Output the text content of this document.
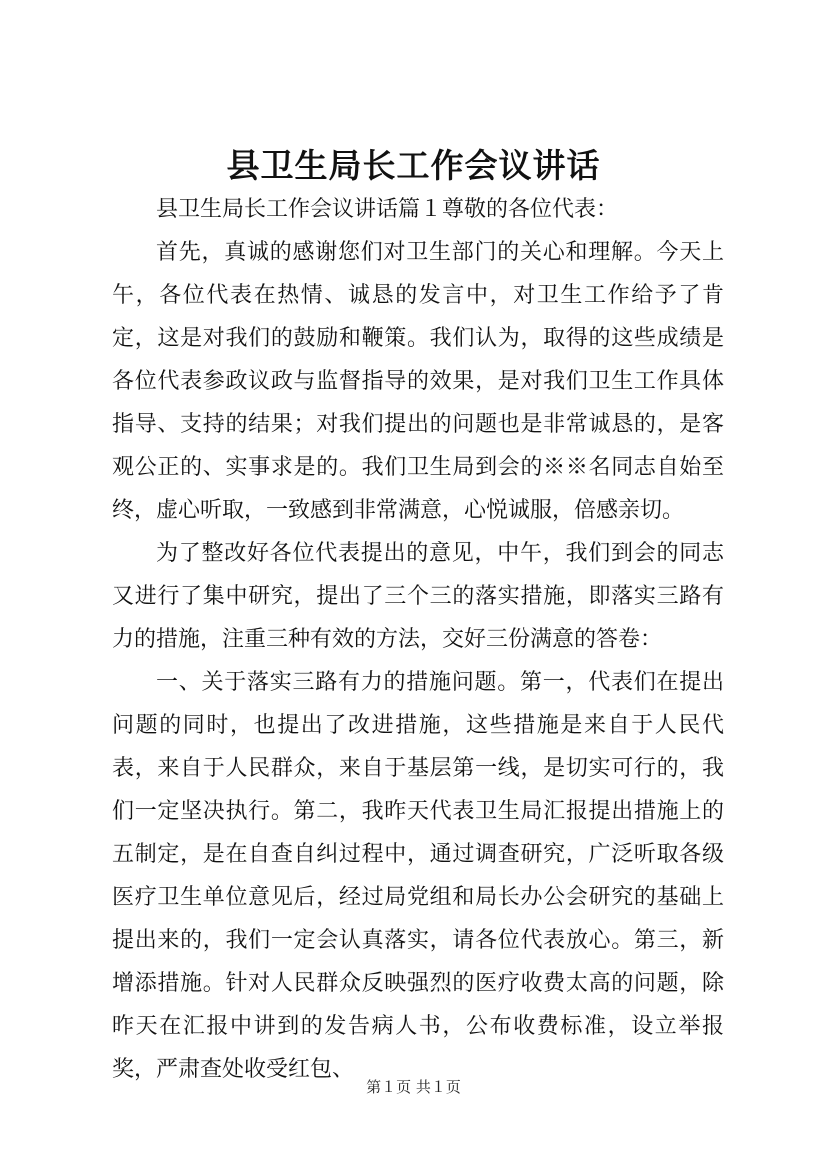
县卫生局长工作会议讲话

县卫生局长工作会议讲话篇１尊敬的各位代表：

首先，真诚的感谢您们对卫生部门的关心和理解。今天上午，各位代表在热情、诚恳的发言中，对卫生工作给予了肯定，这是对我们的鼓励和鞭策。我们认为，取得的这些成绩是各位代表参政议政与监督指导的效果，是对我们卫生工作具体指导、支持的结果；对我们提出的问题也是非常诚恳的，是客观公正的、实事求是的。我们卫生局到会的※※名同志自始至终，虚心听取，一致感到非常满意，心悦诚服，倍感亲切。

为了整改好各位代表提出的意见，中午，我们到会的同志又进行了集中研究，提出了三个三的落实措施，即落实三路有力的措施，注重三种有效的方法，交好三份满意的答卷：

一、关于落实三路有力的措施问题。第一，代表们在提出问题的同时，也提出了改进措施，这些措施是来自于人民代表，来自于人民群众，来自于基层第一线，是切实可行的，我们一定坚决执行。第二，我昨天代表卫生局汇报提出措施上的五制定，是在自查自纠过程中，通过调查研究，广泛听取各级医疗卫生单位意见后，经过局党组和局长办公会研究的基础上提出来的，我们一定会认真落实，请各位代表放心。第三，新增添措施。针对人民群众反映强烈的医疗收费太高的问题，除昨天在汇报中讲到的发告病人书，公布收费标准，设立举报奖，严肃查处收受红包、

第１页 共１页
